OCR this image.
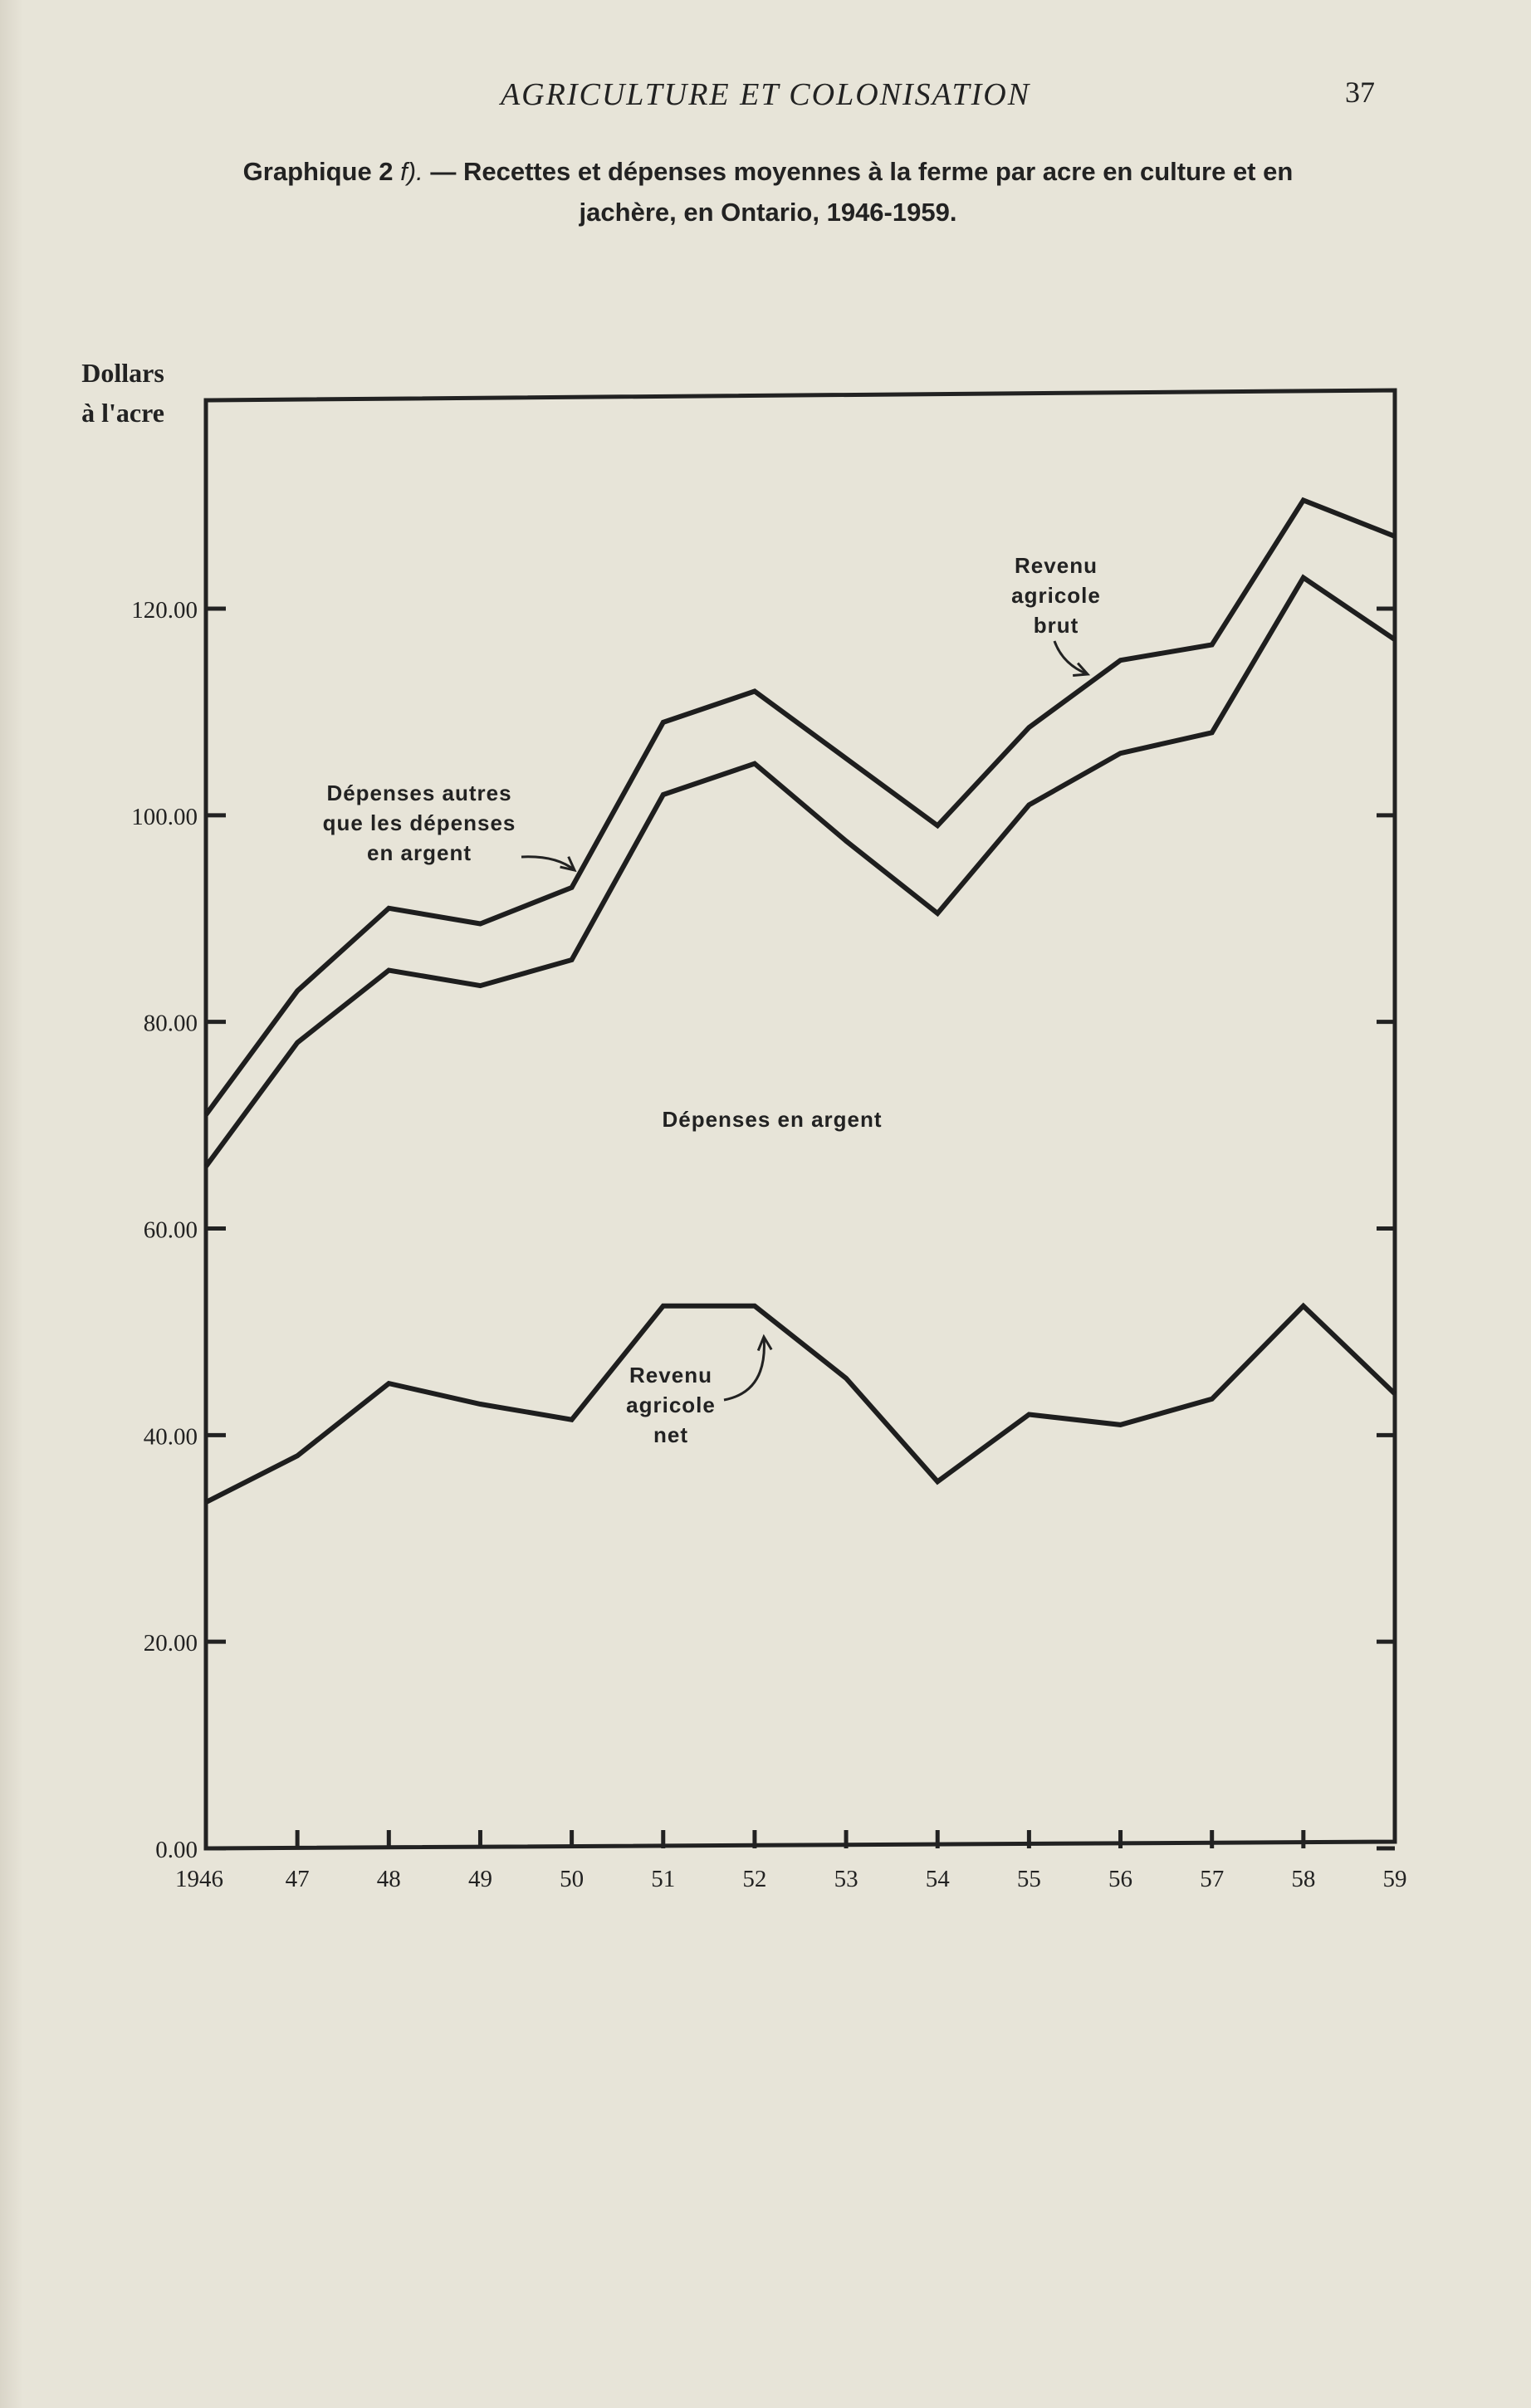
AGRICULTURE ET COLONISATION	37
Graphique 2 f). — Recettes et dépenses moyennes à la ferme par acre en culture et en jachère, en Ontario, 1946-1959.
Dollars
à l'acre
0.00
20.00
40.00
60.00
80.00
100.00
120.00
1946	47	48	49	50	51	52	53	54	55	56	57	58	59
Revenu
agricole
brut
Dépenses autres
que les dépenses
en argent
Dépenses en argent
Revenu
agricole
net
